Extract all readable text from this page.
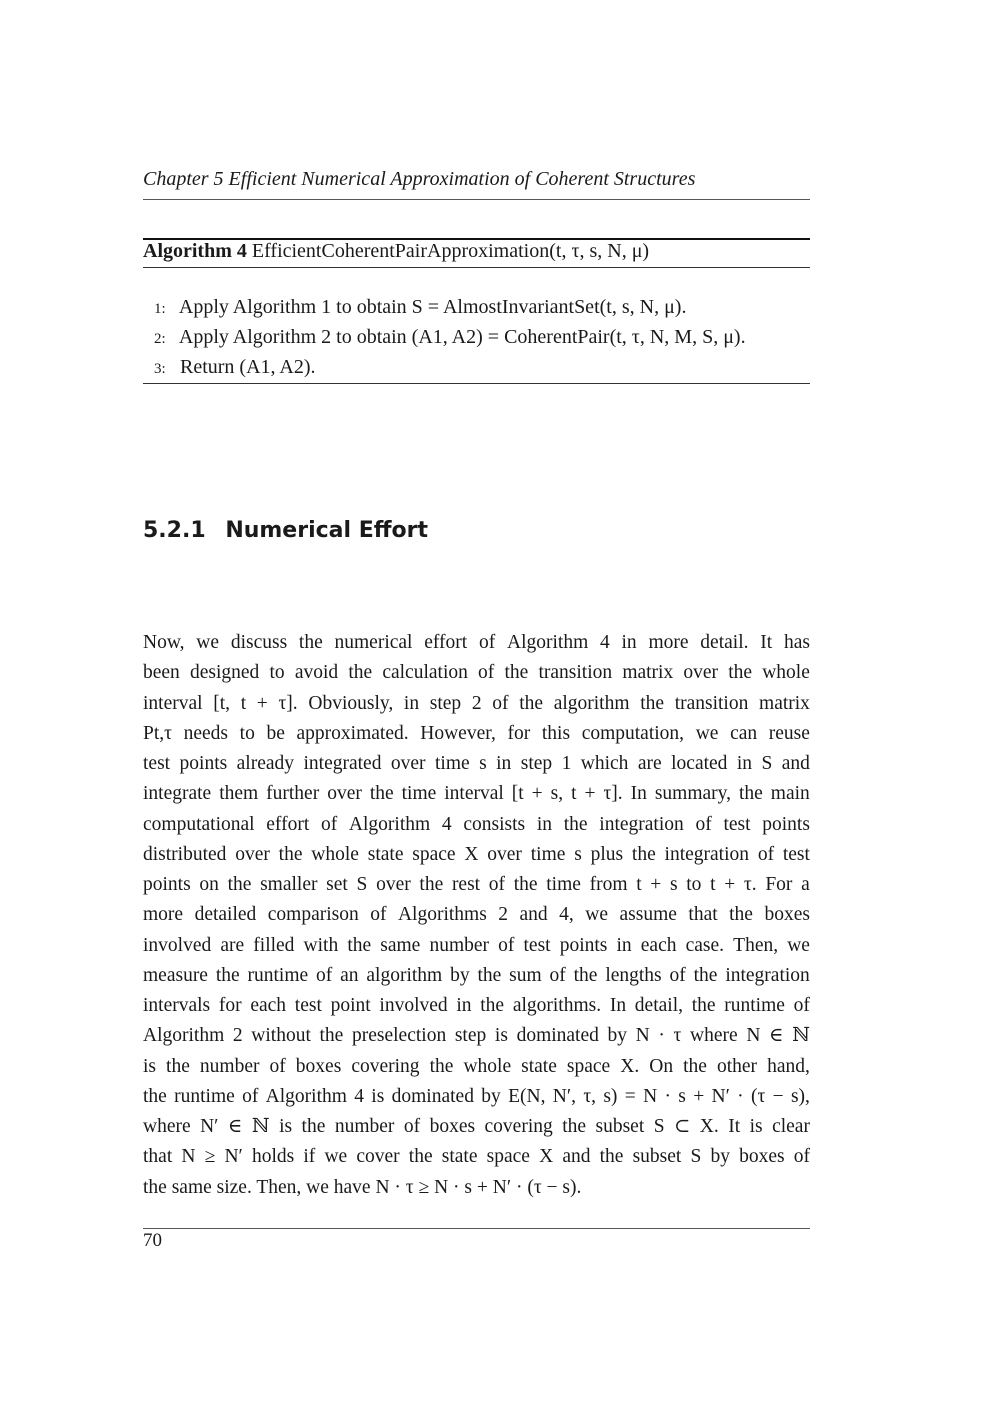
Chapter 5 Efficient Numerical Approximation of Coherent Structures
Algorithm 4 EfficientCoherentPairApproximation(t, τ, s, N, μ)
1: Apply Algorithm 1 to obtain S = AlmostInvariantSet(t, s, N, μ).
2: Apply Algorithm 2 to obtain (A1, A2) = CoherentPair(t, τ, N, M, S, μ).
3: Return (A1, A2).
5.2.1 Numerical Effort
Now, we discuss the numerical effort of Algorithm 4 in more detail. It has
been designed to avoid the calculation of the transition matrix over the whole
interval [t, t + τ]. Obviously, in step 2 of the algorithm the transition matrix
Pt,τ needs to be approximated. However, for this computation, we can reuse
test points already integrated over time s in step 1 which are located in S and
integrate them further over the time interval [t + s, t + τ]. In summary, the main
computational effort of Algorithm 4 consists in the integration of test points
distributed over the whole state space X over time s plus the integration of test
points on the smaller set S over the rest of the time from t + s to t + τ. For a
more detailed comparison of Algorithms 2 and 4, we assume that the boxes
involved are filled with the same number of test points in each case. Then, we
measure the runtime of an algorithm by the sum of the lengths of the integration
intervals for each test point involved in the algorithms. In detail, the runtime of
Algorithm 2 without the preselection step is dominated by N · τ where N ∈ ℕ
is the number of boxes covering the whole state space X. On the other hand,
the runtime of Algorithm 4 is dominated by E(N, N′, τ, s) = N · s + N′ · (τ − s),
where N′ ∈ ℕ is the number of boxes covering the subset S ⊂ X. It is clear
that N ≥ N′ holds if we cover the state space X and the subset S by boxes of
the same size. Then, we have N · τ ≥ N · s + N′ · (τ − s).
70
